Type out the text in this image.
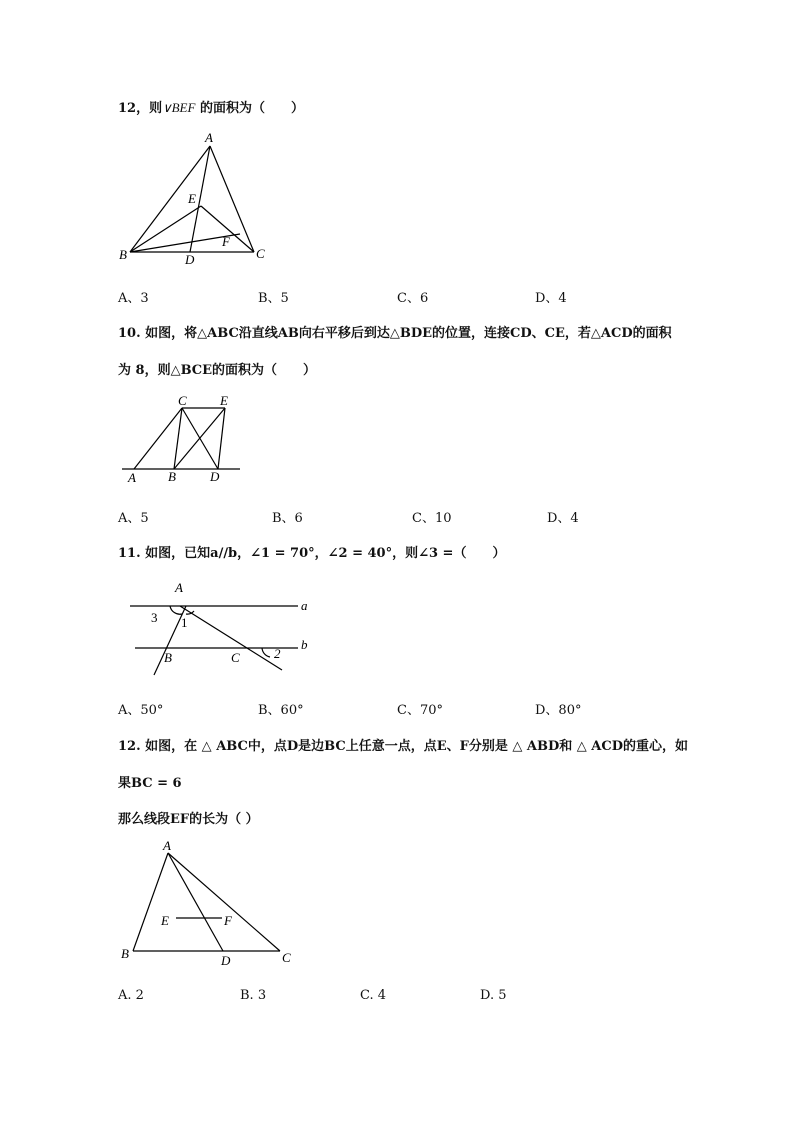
12，则∨BEF 的面积为（　　）
A
E
F
B	D	C
A、3	B、5	C、6	D、4
10. 如图，将△ABC沿直线AB向右平移后到达△BDE的位置，连接CD、CE，若△ACD的面积
为 8，则△BCE的面积为（　　）
C	E
A B	D
A、5	B、6	C、10	D、4
11. 如图，已知a//b，∠1 = 70°，∠2 = 40°，则∠3 =（　　）
A
a
b
3 1
B	C	2
A、50°	B、60°	C、70°	D、80°
12. 如图，在 △ ABC中，点D是边BC上任意一点，点E、F分别是 △ ABD和 △ ACD的重心，如
果BC = 6
那么线段EF的长为（ ）
A
E	F
B	D	C
A. 2	B. 3	C. 4	D. 5
